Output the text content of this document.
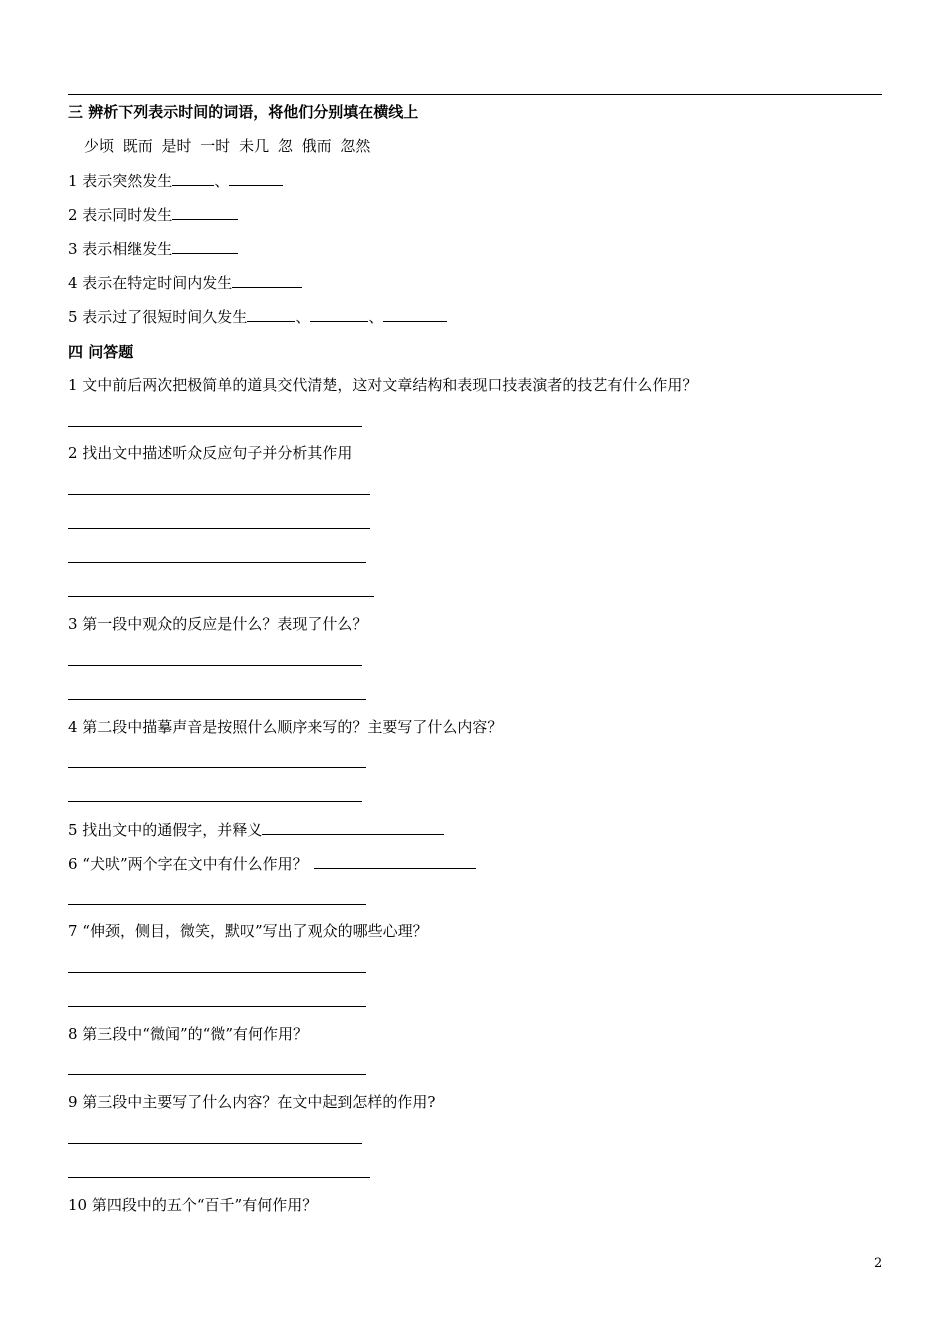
三 辨析下列表示时间的词语，将他们分别填在横线上
少顷 既而 是时 一时 未几 忽 俄而 忽然
1 表示突然发生	、
2 表示同时发生
3 表示相继发生
4 表示在特定时间内发生
5 表示过了很短时间久发生	、	、
四 问答题
1 文中前后两次把极简单的道具交代清楚，这对文章结构和表现口技表演者的技艺有什么作用？
2 找出文中描述听众反应句子并分析其作用
3 第一段中观众的反应是什么？表现了什么？
4 第二段中描摹声音是按照什么顺序来写的？主要写了什么内容？
5 找出文中的通假字，并释义
6 “犬吠”两个字在文中有什么作用？
7 “伸颈，侧目，微笑，默叹”写出了观众的哪些心理？
8 第三段中“微闻”的“微”有何作用？
9 第三段中主要写了什么内容？在文中起到怎样的作用?
10 第四段中的五个“百千”有何作用？
2
